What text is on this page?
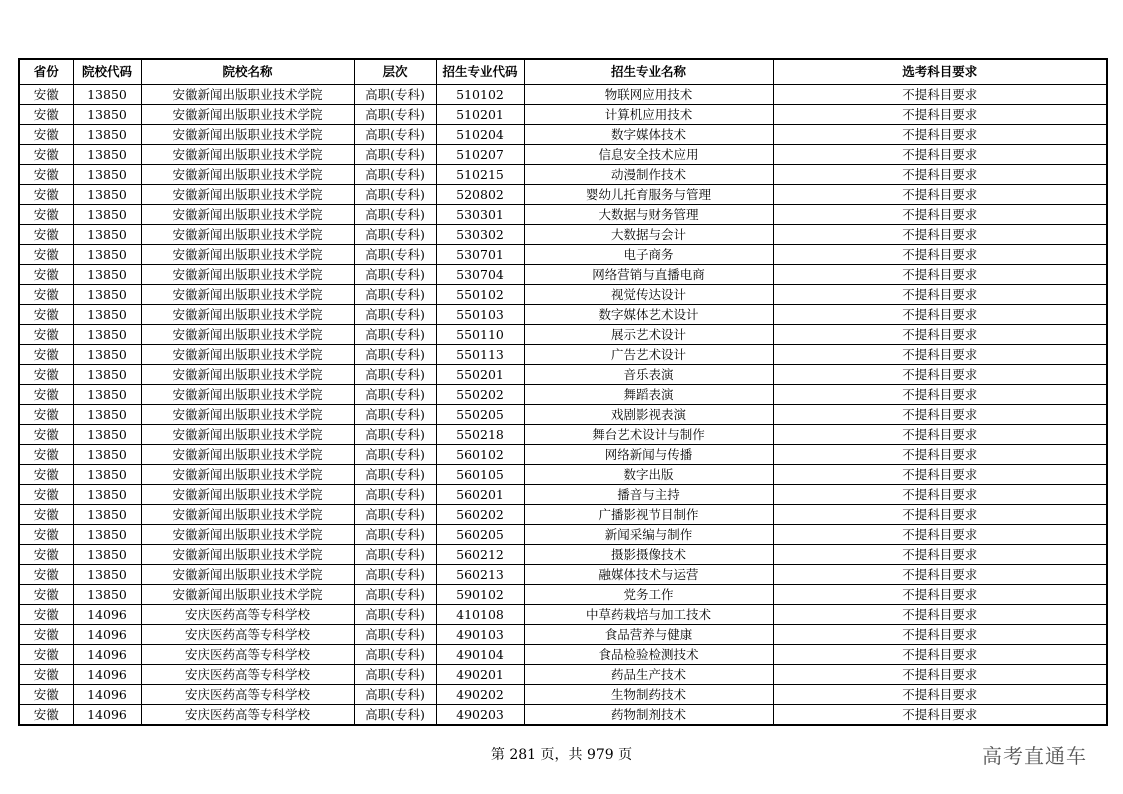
省份	院校代码	院校名称	层次	招生专业代码	招生专业名称	选考科目要求
安徽	13850	安徽新闻出版职业技术学院	高职(专科)	510102	物联网应用技术	不提科目要求
安徽	13850	安徽新闻出版职业技术学院	高职(专科)	510201	计算机应用技术	不提科目要求
安徽	13850	安徽新闻出版职业技术学院	高职(专科)	510204	数字媒体技术	不提科目要求
安徽	13850	安徽新闻出版职业技术学院	高职(专科)	510207	信息安全技术应用	不提科目要求
安徽	13850	安徽新闻出版职业技术学院	高职(专科)	510215	动漫制作技术	不提科目要求
安徽	13850	安徽新闻出版职业技术学院	高职(专科)	520802	婴幼儿托育服务与管理	不提科目要求
安徽	13850	安徽新闻出版职业技术学院	高职(专科)	530301	大数据与财务管理	不提科目要求
安徽	13850	安徽新闻出版职业技术学院	高职(专科)	530302	大数据与会计	不提科目要求
安徽	13850	安徽新闻出版职业技术学院	高职(专科)	530701	电子商务	不提科目要求
安徽	13850	安徽新闻出版职业技术学院	高职(专科)	530704	网络营销与直播电商	不提科目要求
安徽	13850	安徽新闻出版职业技术学院	高职(专科)	550102	视觉传达设计	不提科目要求
安徽	13850	安徽新闻出版职业技术学院	高职(专科)	550103	数字媒体艺术设计	不提科目要求
安徽	13850	安徽新闻出版职业技术学院	高职(专科)	550110	展示艺术设计	不提科目要求
安徽	13850	安徽新闻出版职业技术学院	高职(专科)	550113	广告艺术设计	不提科目要求
安徽	13850	安徽新闻出版职业技术学院	高职(专科)	550201	音乐表演	不提科目要求
安徽	13850	安徽新闻出版职业技术学院	高职(专科)	550202	舞蹈表演	不提科目要求
安徽	13850	安徽新闻出版职业技术学院	高职(专科)	550205	戏剧影视表演	不提科目要求
安徽	13850	安徽新闻出版职业技术学院	高职(专科)	550218	舞台艺术设计与制作	不提科目要求
安徽	13850	安徽新闻出版职业技术学院	高职(专科)	560102	网络新闻与传播	不提科目要求
安徽	13850	安徽新闻出版职业技术学院	高职(专科)	560105	数字出版	不提科目要求
安徽	13850	安徽新闻出版职业技术学院	高职(专科)	560201	播音与主持	不提科目要求
安徽	13850	安徽新闻出版职业技术学院	高职(专科)	560202	广播影视节目制作	不提科目要求
安徽	13850	安徽新闻出版职业技术学院	高职(专科)	560205	新闻采编与制作	不提科目要求
安徽	13850	安徽新闻出版职业技术学院	高职(专科)	560212	摄影摄像技术	不提科目要求
安徽	13850	安徽新闻出版职业技术学院	高职(专科)	560213	融媒体技术与运营	不提科目要求
安徽	13850	安徽新闻出版职业技术学院	高职(专科)	590102	党务工作	不提科目要求
安徽	14096	安庆医药高等专科学校	高职(专科)	410108	中草药栽培与加工技术	不提科目要求
安徽	14096	安庆医药高等专科学校	高职(专科)	490103	食品营养与健康	不提科目要求
安徽	14096	安庆医药高等专科学校	高职(专科)	490104	食品检验检测技术	不提科目要求
安徽	14096	安庆医药高等专科学校	高职(专科)	490201	药品生产技术	不提科目要求
安徽	14096	安庆医药高等专科学校	高职(专科)	490202	生物制药技术	不提科目要求
安徽	14096	安庆医药高等专科学校	高职(专科)	490203	药物制剂技术	不提科目要求
第 281 页，共 979 页	高考直通车
